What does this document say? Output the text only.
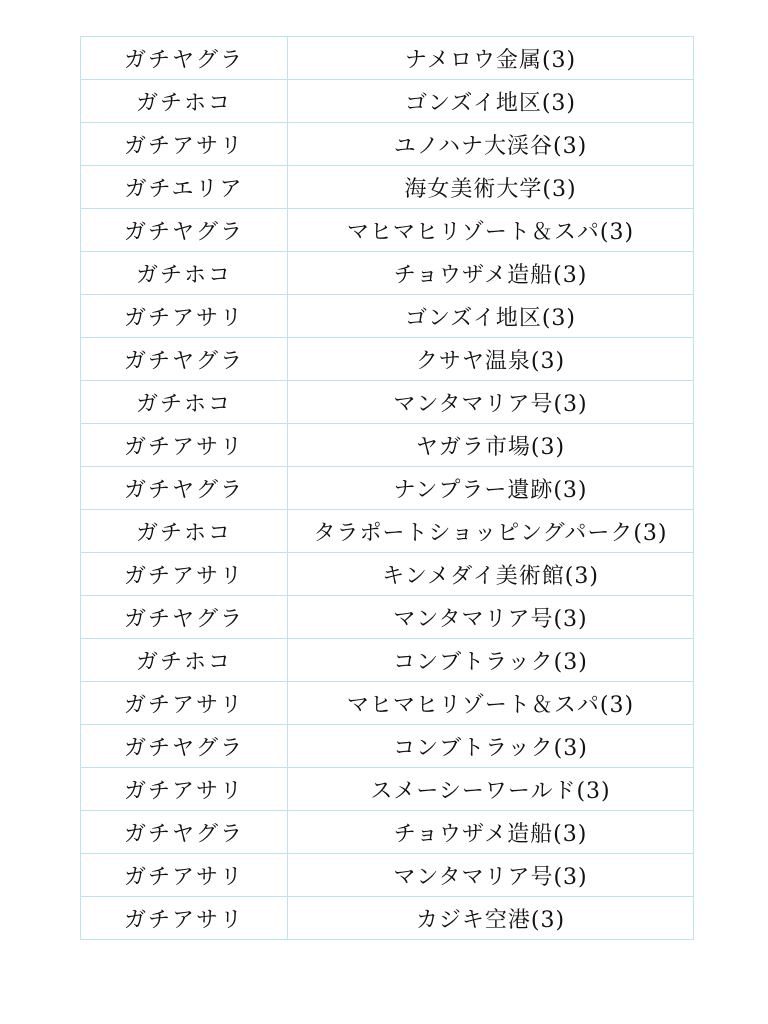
ガチヤグラ	ナメロウ金属(3)
ガチホコ	ゴンズイ地区(3)
ガチアサリ	ユノハナ大渓谷(3)
ガチエリア	海女美術大学(3)
ガチヤグラ	マヒマヒリゾート＆スパ(3)
ガチホコ	チョウザメ造船(3)
ガチアサリ	ゴンズイ地区(3)
ガチヤグラ	クサヤ温泉(3)
ガチホコ	マンタマリア号(3)
ガチアサリ	ヤガラ市場(3)
ガチヤグラ	ナンプラー遺跡(3)
ガチホコ	タラポートショッピングパーク(3)
ガチアサリ	キンメダイ美術館(3)
ガチヤグラ	マンタマリア号(3)
ガチホコ	コンブトラック(3)
ガチアサリ	マヒマヒリゾート＆スパ(3)
ガチヤグラ	コンブトラック(3)
ガチアサリ	スメーシーワールド(3)
ガチヤグラ	チョウザメ造船(3)
ガチアサリ	マンタマリア号(3)
ガチアサリ	カジキ空港(3)
